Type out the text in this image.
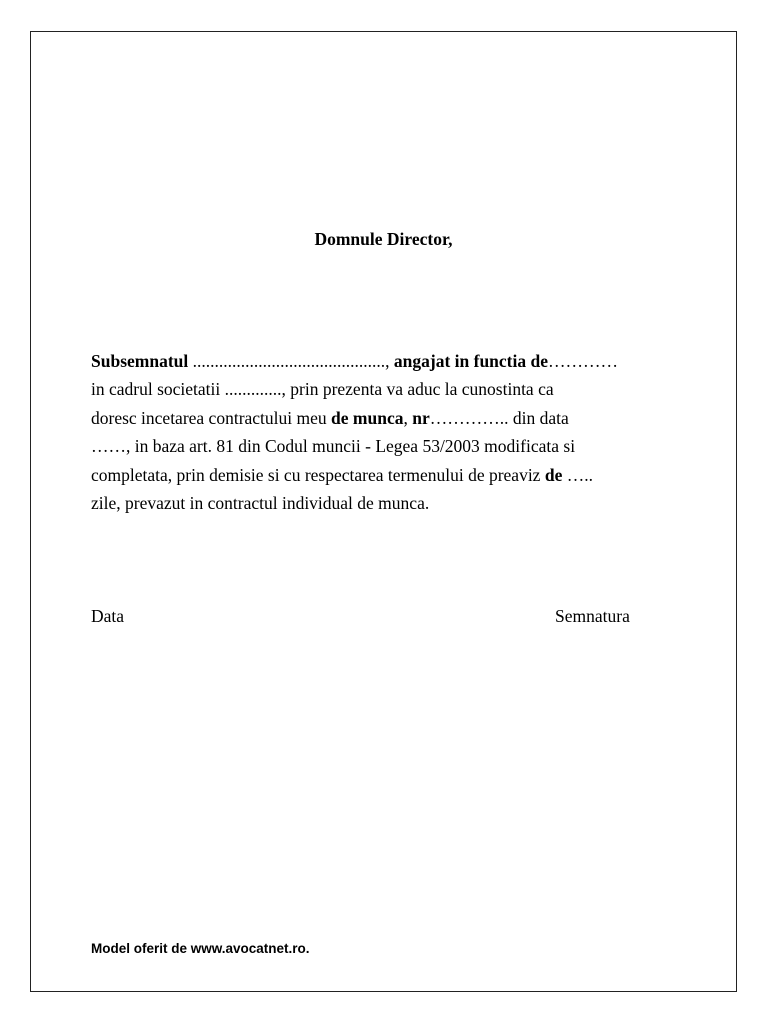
Domnule Director,
Subsemnatul ............................................, angajat in functia de…………
in cadrul societatii ............., prin prezenta va aduc la cunostinta ca
doresc incetarea contractului meu de munca, nr………….. din data
……, in baza art. 81 din Codul muncii - Legea 53/2003 modificata si
completata, prin demisie si cu respectarea termenului de preaviz de …..
zile, prevazut in contractul individual de munca.
Data	Semnatura
Model oferit de www.avocatnet.ro.
